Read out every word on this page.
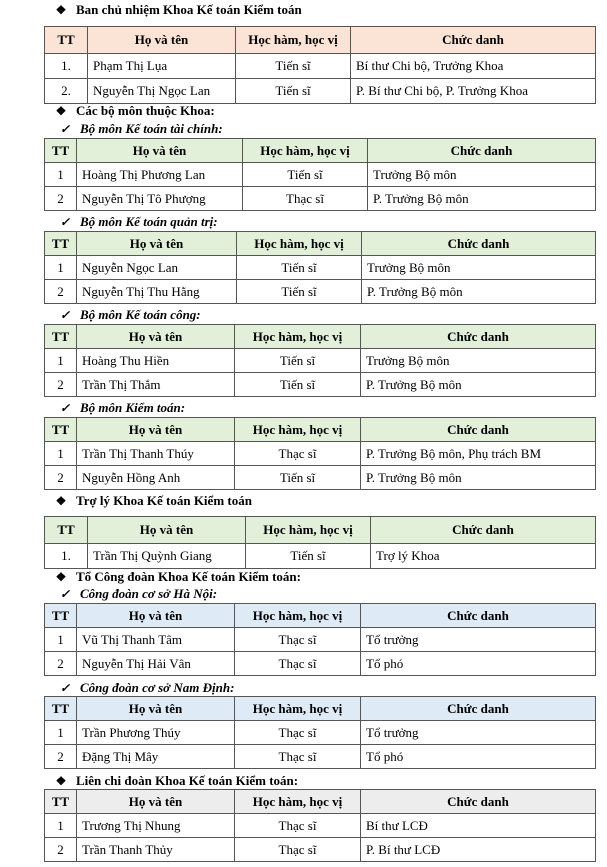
❖ Ban chủ nhiệm Khoa Kế toán Kiểm toán
TT	Họ và tên	Học hàm, học vị	Chức danh
1.	Phạm Thị Lụa	Tiến sĩ	Bí thư Chi bộ, Trưởng Khoa
2.	Nguyễn Thị Ngọc Lan	Tiến sĩ	P. Bí thư Chi bộ, P. Trưởng Khoa
❖ Các bộ môn thuộc Khoa:
✓ Bộ môn Kế toán tài chính:
TT	Họ và tên	Học hàm, học vị	Chức danh
1	Hoàng Thị Phương Lan	Tiến sĩ	Trưởng Bộ môn
2	Nguyễn Thị Tô Phượng	Thạc sĩ	P. Trưởng Bộ môn
✓ Bộ môn Kế toán quản trị:
TT	Họ và tên	Học hàm, học vị	Chức danh
1	Nguyễn Ngọc Lan	Tiến sĩ	Trưởng Bộ môn
2	Nguyễn Thị Thu Hằng	Tiến sĩ	P. Trưởng Bộ môn
✓ Bộ môn Kế toán công:
TT	Họ và tên	Học hàm, học vị	Chức danh
1	Hoàng Thu Hiền	Tiến sĩ	Trưởng Bộ môn
2	Trần Thị Thắm	Tiến sĩ	P. Trưởng Bộ môn
✓ Bộ môn Kiểm toán:
TT	Họ và tên	Học hàm, học vị	Chức danh
1	Trần Thị Thanh Thúy	Thạc sĩ	P. Trưởng Bộ môn, Phụ trách BM
2	Nguyễn Hồng Anh	Tiến sĩ	P. Trưởng Bộ môn
❖ Trợ lý Khoa Kế toán Kiểm toán
TT	Họ và tên	Học hàm, học vị	Chức danh
1.	Trần Thị Quỳnh Giang	Tiến sĩ	Trợ lý Khoa
❖ Tổ Công đoàn Khoa Kế toán Kiểm toán:
✓ Công đoàn cơ sở Hà Nội:
TT	Họ và tên	Học hàm, học vị	Chức danh
1	Vũ Thị Thanh Tâm	Thạc sĩ	Tổ trưởng
2	Nguyễn Thị Hải Vân	Thạc sĩ	Tổ phó
✓ Công đoàn cơ sở Nam Định:
TT	Họ và tên	Học hàm, học vị	Chức danh
1	Trần Phương Thúy	Thạc sĩ	Tổ trưởng
2	Đặng Thị Mây	Thạc sĩ	Tổ phó
❖ Liên chi đoàn Khoa Kế toán Kiểm toán:
TT	Họ và tên	Học hàm, học vị	Chức danh
1	Trương Thị Nhung	Thạc sĩ	Bí thư LCĐ
2	Trần Thanh Thủy	Thạc sĩ	P. Bí thư LCĐ
